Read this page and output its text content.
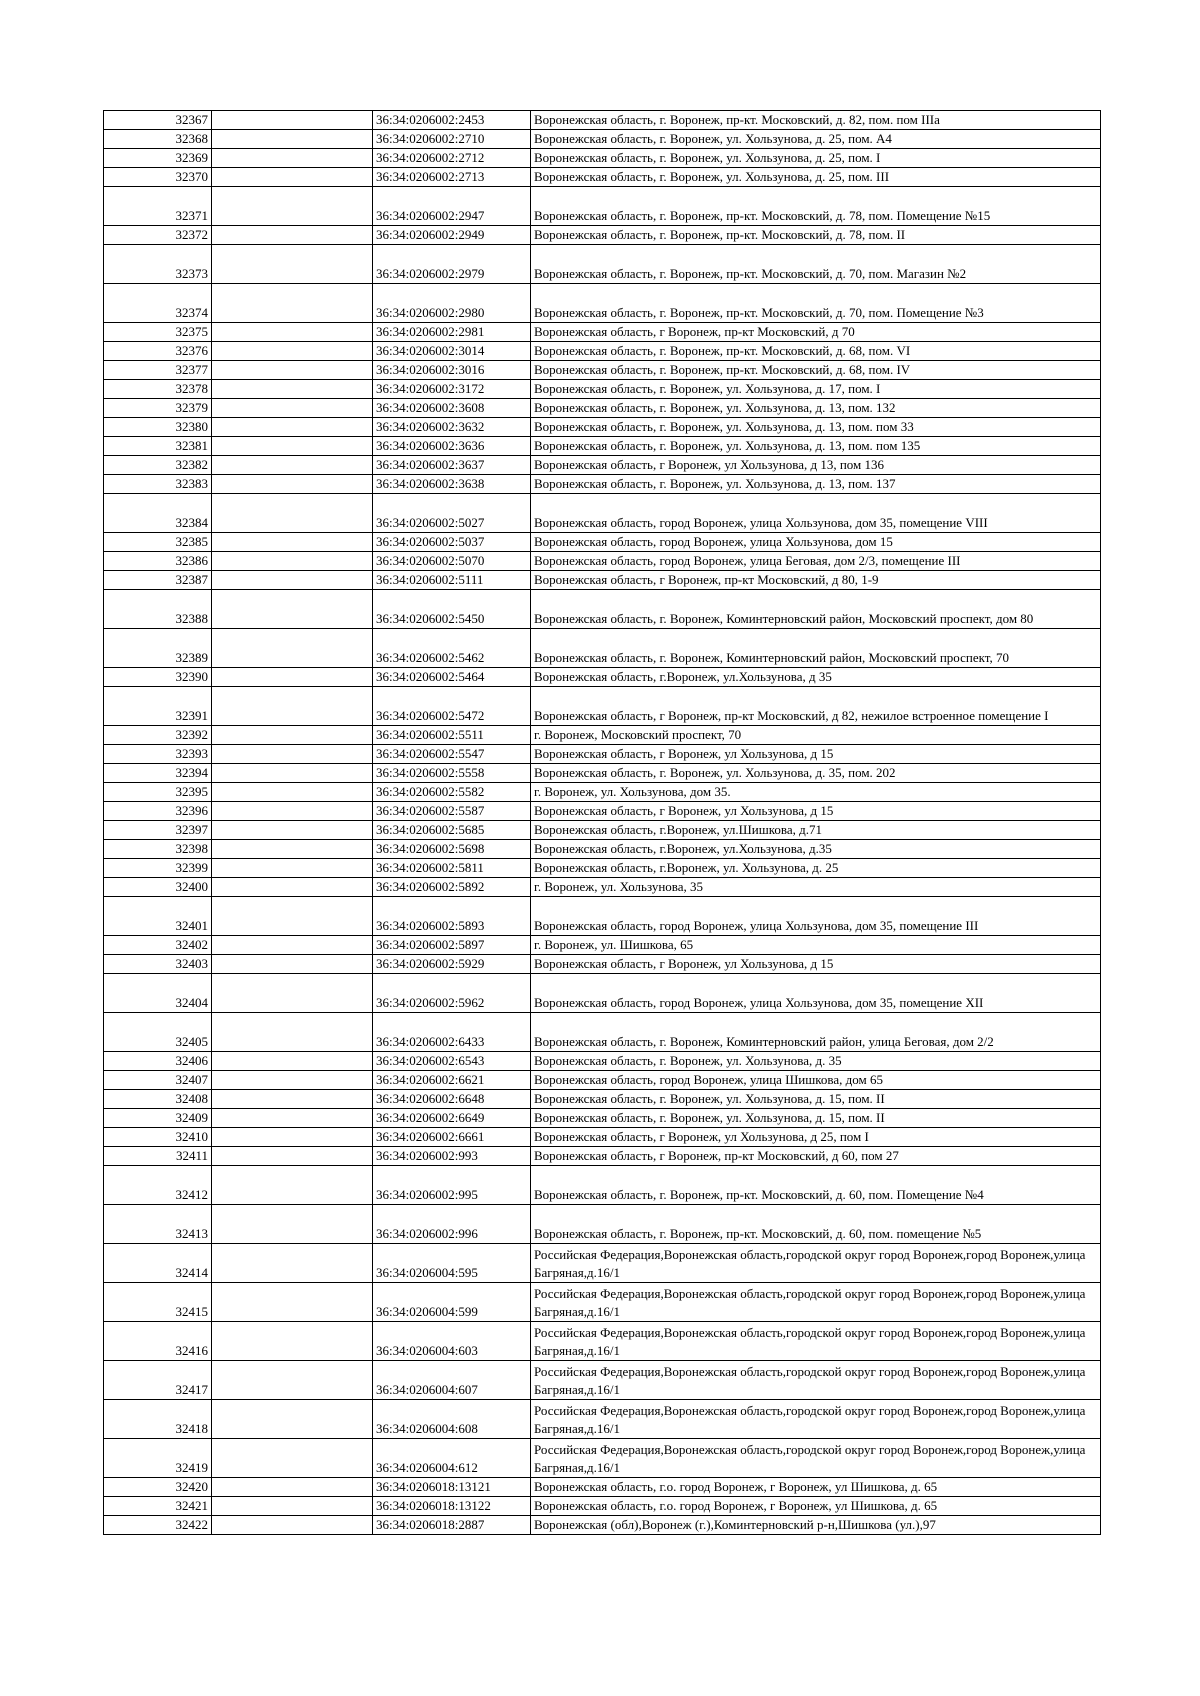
32367		36:34:0206002:2453	Воронежская область, г. Воронеж, пр-кт. Московский, д. 82, пом. пом IIIa
32368		36:34:0206002:2710	Воронежская область, г. Воронеж, ул. Хользунова, д. 25, пом. А4
32369		36:34:0206002:2712	Воронежская область, г. Воронеж, ул. Хользунова, д. 25, пом. I
32370		36:34:0206002:2713	Воронежская область, г. Воронеж, ул. Хользунова, д. 25, пом. III
32371		36:34:0206002:2947	Воронежская область, г. Воронеж, пр-кт. Московский, д. 78, пом. Помещение №15
32372		36:34:0206002:2949	Воронежская область, г. Воронеж, пр-кт. Московский, д. 78, пом. II
32373		36:34:0206002:2979	Воронежская область, г. Воронеж, пр-кт. Московский, д. 70, пом. Магазин №2
32374		36:34:0206002:2980	Воронежская область, г. Воронеж, пр-кт. Московский, д. 70, пом. Помещение №3
32375		36:34:0206002:2981	Воронежская область, г Воронеж, пр-кт Московский, д 70
32376		36:34:0206002:3014	Воронежская область, г. Воронеж, пр-кт. Московский, д. 68, пом. VI
32377		36:34:0206002:3016	Воронежская область, г. Воронеж, пр-кт. Московский, д. 68, пом. IV
32378		36:34:0206002:3172	Воронежская область, г. Воронеж, ул. Хользунова, д. 17, пом. I
32379		36:34:0206002:3608	Воронежская область, г. Воронеж, ул. Хользунова, д. 13, пом. 132
32380		36:34:0206002:3632	Воронежская область, г. Воронеж, ул. Хользунова, д. 13, пом. пом 33
32381		36:34:0206002:3636	Воронежская область, г. Воронеж, ул. Хользунова, д. 13, пом. пом 135
32382		36:34:0206002:3637	Воронежская область, г Воронеж, ул Хользунова, д 13, пом 136
32383		36:34:0206002:3638	Воронежская область, г. Воронеж, ул. Хользунова, д. 13, пом. 137
32384		36:34:0206002:5027	Воронежская область, город Воронеж, улица Хользунова, дом 35, помещение VIII
32385		36:34:0206002:5037	Воронежская область, город Воронеж, улица Хользунова, дом 15
32386		36:34:0206002:5070	Воронежская область, город Воронеж, улица Беговая, дом 2/3, помещение III
32387		36:34:0206002:5111	Воронежская область, г Воронеж, пр-кт Московский, д 80, 1-9
32388		36:34:0206002:5450	Воронежская область, г. Воронеж, Коминтерновский район, Московский проспект, дом 80
32389		36:34:0206002:5462	Воронежская область, г. Воронеж, Коминтерновский район, Московский проспект, 70
32390		36:34:0206002:5464	Воронежская область, г.Воронеж, ул.Хользунова, д 35
32391		36:34:0206002:5472	Воронежская область, г Воронеж, пр-кт Московский, д 82, нежилое встроенное помещение I
32392		36:34:0206002:5511	г. Воронеж, Московский проспект, 70
32393		36:34:0206002:5547	Воронежская область, г Воронеж, ул Хользунова, д 15
32394		36:34:0206002:5558	Воронежская область, г. Воронеж, ул. Хользунова, д. 35, пом. 202
32395		36:34:0206002:5582	г. Воронеж, ул. Хользунова, дом 35.
32396		36:34:0206002:5587	Воронежская область, г Воронеж, ул Хользунова, д 15
32397		36:34:0206002:5685	Воронежская область, г.Воронеж, ул.Шишкова, д.71
32398		36:34:0206002:5698	Воронежская область, г.Воронеж, ул.Хользунова, д.35
32399		36:34:0206002:5811	Воронежская область, г.Воронеж, ул. Хользунова, д. 25
32400		36:34:0206002:5892	г. Воронеж, ул. Хользунова, 35
32401		36:34:0206002:5893	Воронежская область, город Воронеж, улица Хользунова, дом 35, помещение III
32402		36:34:0206002:5897	г. Воронеж, ул. Шишкова, 65
32403		36:34:0206002:5929	Воронежская область, г Воронеж, ул Хользунова, д 15
32404		36:34:0206002:5962	Воронежская область, город Воронеж, улица Хользунова, дом 35, помещение XII
32405		36:34:0206002:6433	Воронежская область, г. Воронеж, Коминтерновский район, улица Беговая, дом 2/2
32406		36:34:0206002:6543	Воронежская область, г. Воронеж, ул. Хользунова, д. 35
32407		36:34:0206002:6621	Воронежская область, город Воронеж, улица Шишкова, дом 65
32408		36:34:0206002:6648	Воронежская область, г. Воронеж, ул. Хользунова, д. 15, пом. II
32409		36:34:0206002:6649	Воронежская область, г. Воронеж, ул. Хользунова, д. 15, пом. II
32410		36:34:0206002:6661	Воронежская область, г Воронеж, ул Хользунова, д 25, пом I
32411		36:34:0206002:993	Воронежская область, г Воронеж, пр-кт Московский, д 60, пом 27
32412		36:34:0206002:995	Воронежская область, г. Воронеж, пр-кт. Московский, д. 60, пом. Помещение №4
32413		36:34:0206002:996	Воронежская область, г. Воронеж, пр-кт. Московский, д. 60, пом. помещение №5
32414		36:34:0206004:595	Российская Федерация,Воронежская область,городской округ город Воронеж,город Воронеж,улица Багряная,д.16/1
32415		36:34:0206004:599	Российская Федерация,Воронежская область,городской округ город Воронеж,город Воронеж,улица Багряная,д.16/1
32416		36:34:0206004:603	Российская Федерация,Воронежская область,городской округ город Воронеж,город Воронеж,улица Багряная,д.16/1
32417		36:34:0206004:607	Российская Федерация,Воронежская область,городской округ город Воронеж,город Воронеж,улица Багряная,д.16/1
32418		36:34:0206004:608	Российская Федерация,Воронежская область,городской округ город Воронеж,город Воронеж,улица Багряная,д.16/1
32419		36:34:0206004:612	Российская Федерация,Воронежская область,городской округ город Воронеж,город Воронеж,улица Багряная,д.16/1
32420		36:34:0206018:13121	Воронежская область, г.о. город Воронеж, г Воронеж, ул Шишкова, д. 65
32421		36:34:0206018:13122	Воронежская область, г.о. город Воронеж, г Воронеж, ул Шишкова, д. 65
32422		36:34:0206018:2887	Воронежская (обл),Воронеж (г.),Коминтерновский р-н,Шишкова (ул.),97
